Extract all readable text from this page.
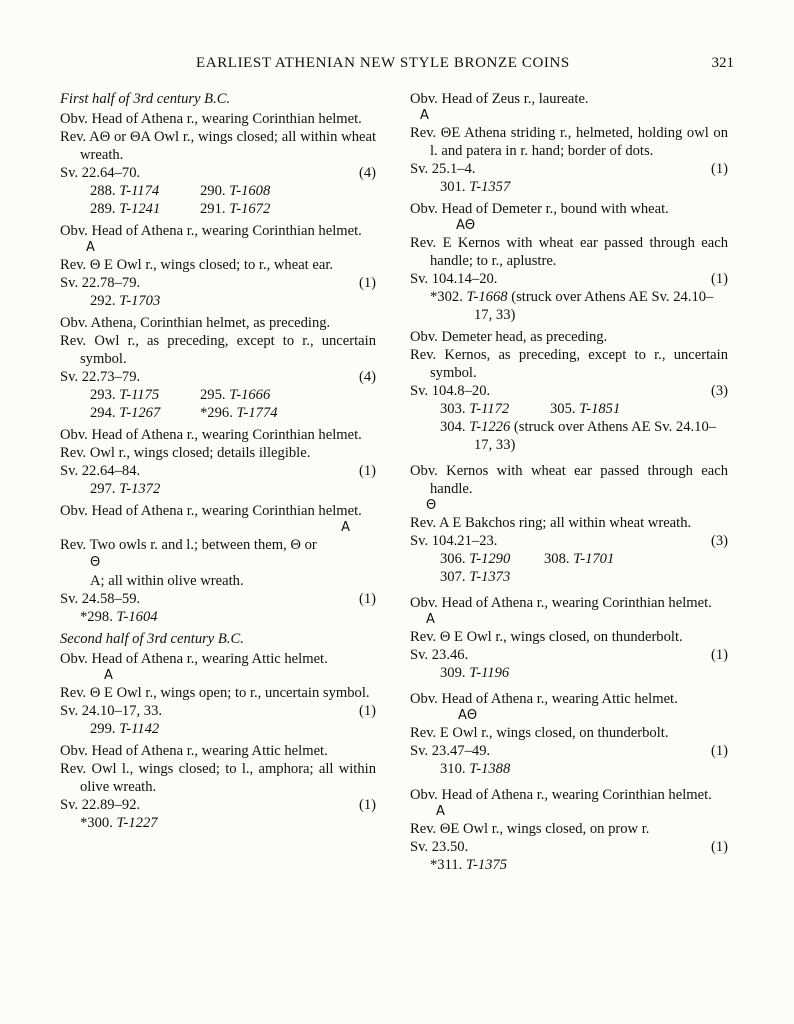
EARLIEST ATHENIAN NEW STYLE BRONZE COINS	321
First half of 3rd century B.C.
Obv. Head of Athena r., wearing Corinthian helmet.
Rev. AΘ or ΘA Owl r., wings closed; all within wheat wreath.
Sv. 22.64–70.	(4)
288. T-1174	290. T-1608
289. T-1241	291. T-1672
Obv. Head of Athena r., wearing Corinthian helmet.
A
Rev. Θ E Owl r., wings closed; to r., wheat ear.
Sv. 22.78–79.	(1)
292. T-1703
Obv. Athena, Corinthian helmet, as preceding.
Rev. Owl r., as preceding, except to r., uncertain symbol.
Sv. 22.73–79.	(4)
293. T-1175	295. T-1666
294. T-1267	*296. T-1774
Obv. Head of Athena r., wearing Corinthian helmet.
Rev. Owl r., wings closed; details illegible.
Sv. 22.64–84.	(1)
297. T-1372
Obv. Head of Athena r., wearing Corinthian helmet.
A
Rev. Two owls r. and l.; between them, Θ or
Θ
A; all within olive wreath.
Sv. 24.58–59.	(1)
*298. T-1604
Second half of 3rd century B.C.
Obv. Head of Athena r., wearing Attic helmet.
A
Rev. Θ E Owl r., wings open; to r., uncertain symbol.
Sv. 24.10–17, 33.	(1)
299. T-1142
Obv. Head of Athena r., wearing Attic helmet.
Rev. Owl l., wings closed; to l., amphora; all within olive wreath.
Sv. 22.89–92.	(1)
*300. T-1227
Obv. Head of Zeus r., laureate.
A
Rev. ΘE Athena striding r., helmeted, holding owl on l. and patera in r. hand; border of dots.
Sv. 25.1–4.	(1)
301. T-1357
Obv. Head of Demeter r., bound with wheat.
AΘ
Rev. E Kernos with wheat ear passed through each handle; to r., aplustre.
Sv. 104.14–20.	(1)
*302. T-1668 (struck over Athens AE Sv. 24.10–17, 33)
Obv. Demeter head, as preceding.
Rev. Kernos, as preceding, except to r., uncertain symbol.
Sv. 104.8–20.	(3)
303. T-1172	305. T-1851
304. T-1226 (struck over Athens AE Sv. 24.10–17, 33)
Obv. Kernos with wheat ear passed through each handle.
Θ
Rev. A E Bakchos ring; all within wheat wreath.
Sv. 104.21–23.	(3)
306. T-1290	308. T-1701
307. T-1373
Obv. Head of Athena r., wearing Corinthian helmet.
A
Rev. Θ E Owl r., wings closed, on thunderbolt.
Sv. 23.46.	(1)
309. T-1196
Obv. Head of Athena r., wearing Attic helmet.
AΘ
Rev. E Owl r., wings closed, on thunderbolt.
Sv. 23.47–49.	(1)
310. T-1388
Obv. Head of Athena r., wearing Corinthian helmet.
A
Rev. ΘE Owl r., wings closed, on prow r.
Sv. 23.50.	(1)
*311. T-1375
